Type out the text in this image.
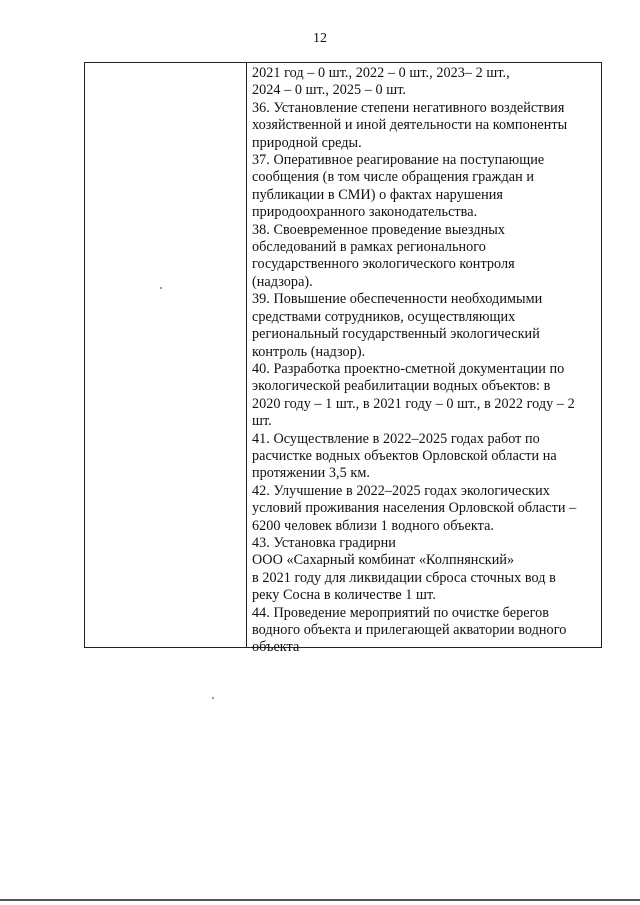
12
2021 год – 0 шт., 2022 – 0 шт., 2023– 2 шт.,
2024 – 0 шт., 2025 – 0 шт.
36. Установление степени негативного воздействия
хозяйственной и иной деятельности на компоненты
природной среды.
37. Оперативное реагирование на поступающие
сообщения (в том числе обращения граждан и
публикации в СМИ) о фактах нарушения
природоохранного законодательства.
38. Своевременное проведение выездных
обследований в рамках регионального
государственного экологического контроля
(надзора).
39. Повышение обеспеченности необходимыми
средствами сотрудников, осуществляющих
региональный государственный экологический
контроль (надзор).
40. Разработка проектно-сметной документации по
экологической реабилитации водных объектов: в
2020 году – 1 шт., в 2021 году – 0 шт., в 2022 году – 2
шт.
41. Осуществление в 2022–2025 годах работ по
расчистке водных объектов Орловской области на
протяжении 3,5 км.
42. Улучшение в 2022–2025 годах экологических
условий проживания населения Орловской области –
6200 человек вблизи 1 водного объекта.
43. Установка градирни
ООО «Сахарный комбинат «Колпнянский»
в 2021 году для ликвидации сброса сточных вод в
реку Сосна в количестве 1 шт.
44. Проведение мероприятий по очистке берегов
водного объекта и прилегающей акватории водного
объекта
